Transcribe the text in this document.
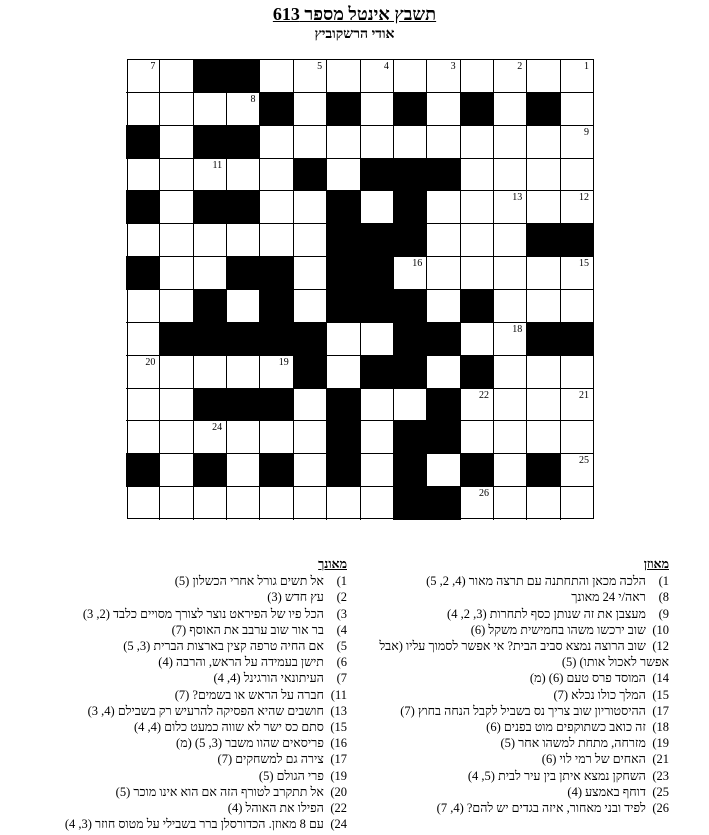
תשבץ אינטל מספר 613
אודי הרשקוביץ
1
2
3
4
5
7
8
9
11
12
13
15
16
18
19
20
21
22
24
25
26
מאוזן
1) הלכה מכאן והתחתנה עם תרצה מאור (4, 2, 5)
8) ראה/י 24 מאונך
9) מעצבן את זה שנותן כסף לתחרות (3, 2, 4)
10) שוב ירכשו משהו בחמישית משקל (6)
12) שוב הרוצה נמצא סביב הבית? אי אפשר לסמוך עליו (אבל אפשר לאכול אותו) (5)
14) המוסד פרס טעם (6) (מ)
15) המלך כולו נכלא (7)
17) ההיסטוריון שוב צריך נס בשביל לקבל הנחה בחוץ (7)
18) זה כואב כשתוקפים מוט בפנים (6)
19) מזרחה, מתחת למשהו אחר (5)
21) האחים של רמי לוי (6)
23) השחקן נמצא איתן בין עיר לבית (5, 4)
25) דוחף באמצע (4)
26) לפיד ובני מאחור, איזה בגדים יש להם? (4, 7)
מאונך
1) אל תשים גורל אחרי הכשלון (5)
2) עץ חדש (3)
3) הכל פיו של הפיראט נוצר לצורך מסויים כלבד (2, 3)
4) בר אור שוב ערבב את האוסף (7)
5) אם החיה טרפה קצין בארצות הברית (3, 5)
6) תישן בעמידה על הראש, והרבה (4)
7) העיתונאי הורגינל (4, 4)
11) חברה על הראש או בשמים? (7)
13) חושבים שהיא הפסיקה להרעיש רק בשבילם (4, 3)
15) סתם כס ישר לא שווה כמעט כלום (4, 4)
16) פריסאים שהוו משבר (3, 5) (מ)
17) צירה גם למשחקים (7)
19) פרי הגולם (5)
20) אל תתקרב לטורף הזה אם הוא אינו מוכר (5)
22) הפילו את האוהל (4)
24) עם 8 מאוזן. הכדורסלן ברר בשבילי על מטוס חוזר (3, 4)
